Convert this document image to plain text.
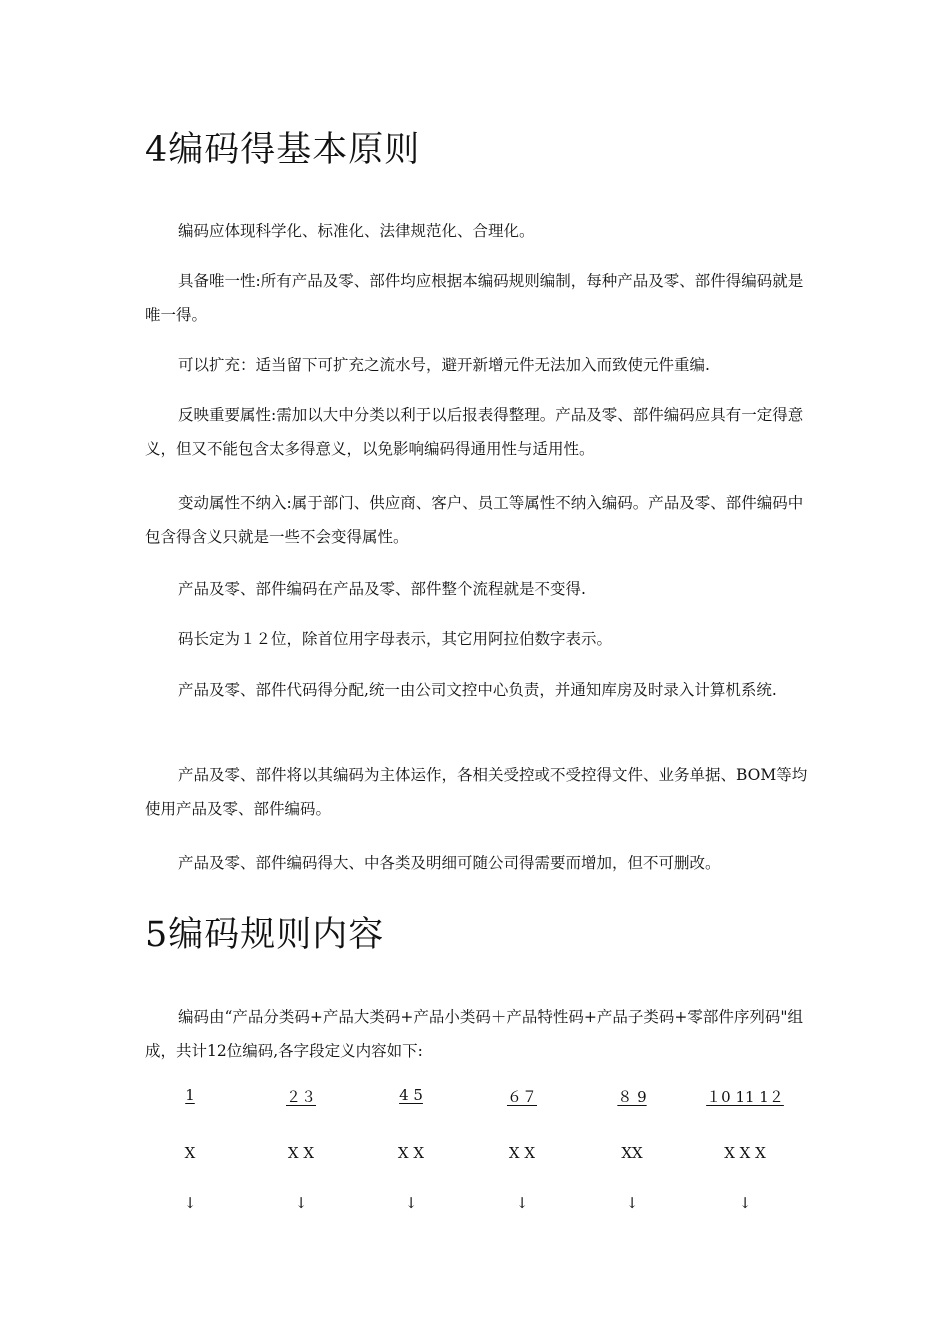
4编码得基本原则

编码应体现科学化、标准化、法律规范化、合理化。

具备唯一性:所有产品及零、部件均应根据本编码规则编制，每种产品及零、部件得编码就是唯一得。

可以扩充：适当留下可扩充之流水号，避开新增元件无法加入而致使元件重编.

反映重要属性:需加以大中分类以利于以后报表得整理。产品及零、部件编码应具有一定得意义，但又不能包含太多得意义，以免影响编码得通用性与适用性。

变动属性不纳入:属于部门、供应商、客户、员工等属性不纳入编码。产品及零、部件编码中包含得含义只就是一些不会变得属性。

产品及零、部件编码在产品及零、部件整个流程就是不变得.

码长定为１２位，除首位用字母表示，其它用阿拉伯数字表示。

产品及零、部件代码得分配,统一由公司文控中心负责，并通知库房及时录入计算机系统.

产品及零、部件将以其编码为主体运作，各相关受控或不受控得文件、业务单据、BOM等均使用产品及零、部件编码。

产品及零、部件编码得大、中各类及明细可随公司得需要而增加，但不可删改。

5编码规则内容

编码由“产品分类码+产品大类码+产品小类码＋产品特性码+产品子类码+零部件序列码"组成，共计12位编码,各字段定义内容如下:

1	２３	4 5	６７	８ 9	１0 11 1２
X	X X	X X	X X	XX	X X X
↓	↓	↓	↓	↓	↓
